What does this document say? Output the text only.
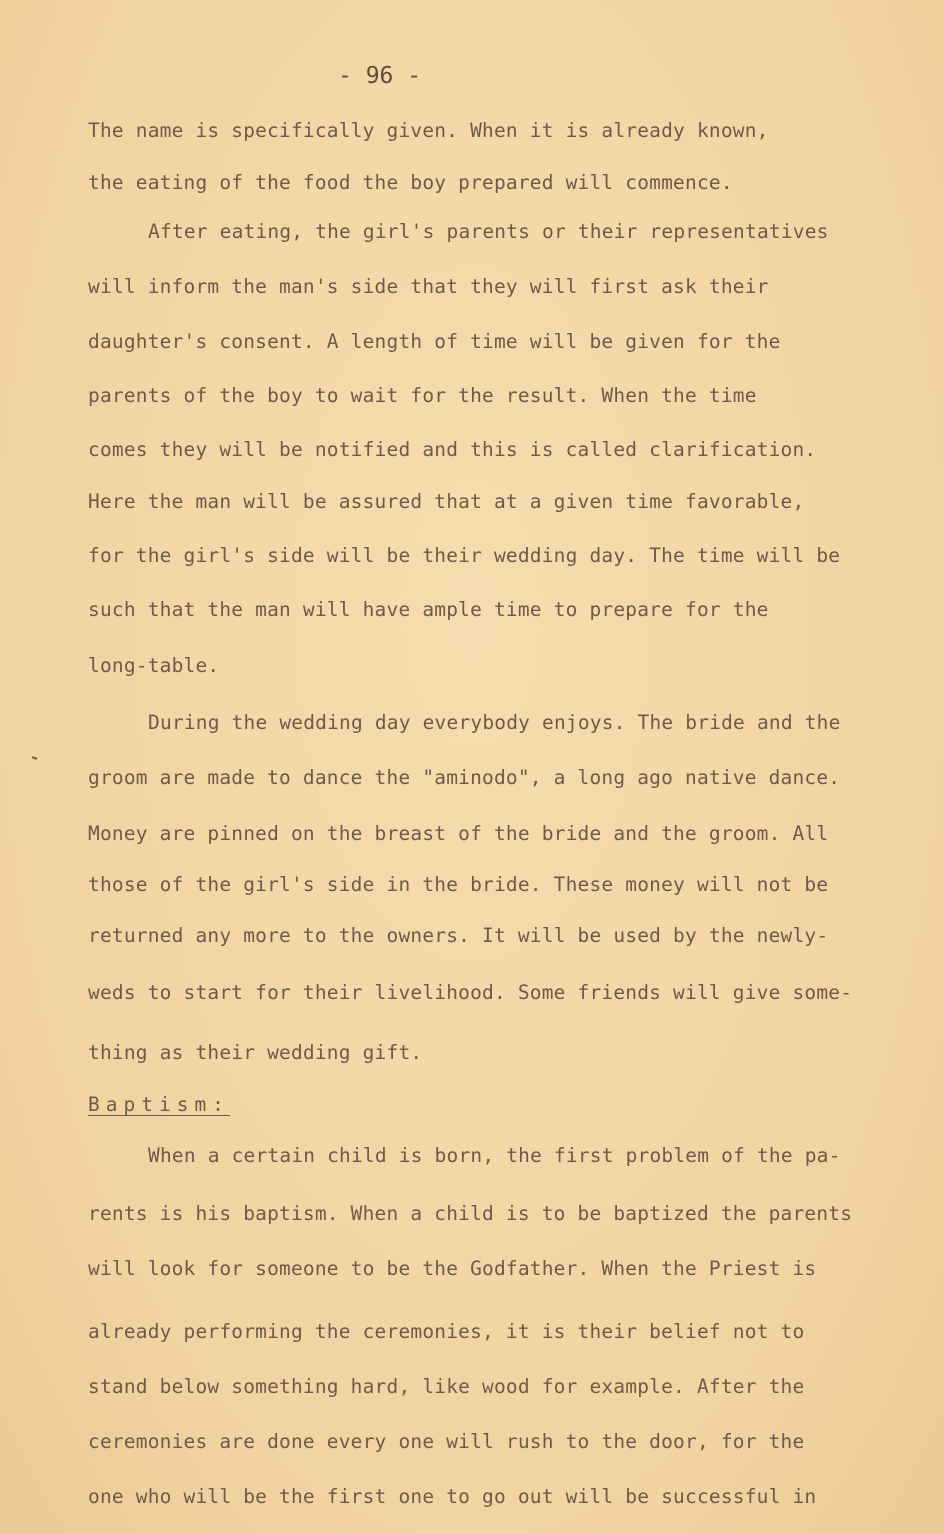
- 96 -
The name is specifically given. When it is already known,
the eating of the food the boy prepared will commence.
After eating, the girl's parents or their representatives
will inform the man's side that they will first ask their
daughter's consent. A length of time will be given for the
parents of the boy to wait for the result. When the time
comes they will be notified and this is called clarification.
Here the man will be assured that at a given time favorable,
for the girl's side will be their wedding day. The time will be
such that the man will have ample time to prepare for the
long-table.
During the wedding day everybody enjoys. The bride and the
groom are made to dance the "aminodo", a long ago native dance.
Money are pinned on the breast of the bride and the groom. All
those of the girl's side in the bride. These money will not be
returned any more to the owners. It will be used by the newly-
weds to start for their livelihood. Some friends will give some-
thing as their wedding gift.
Baptism:
When a certain child is born, the first problem of the pa-
rents is his baptism. When a child is to be baptized the parents
will look for someone to be the Godfather. When the Priest is
already performing the ceremonies, it is their belief not to
stand below something hard, like wood for example. After the
ceremonies are done every one will rush to the door, for the
one who will be the first one to go out will be successful in
